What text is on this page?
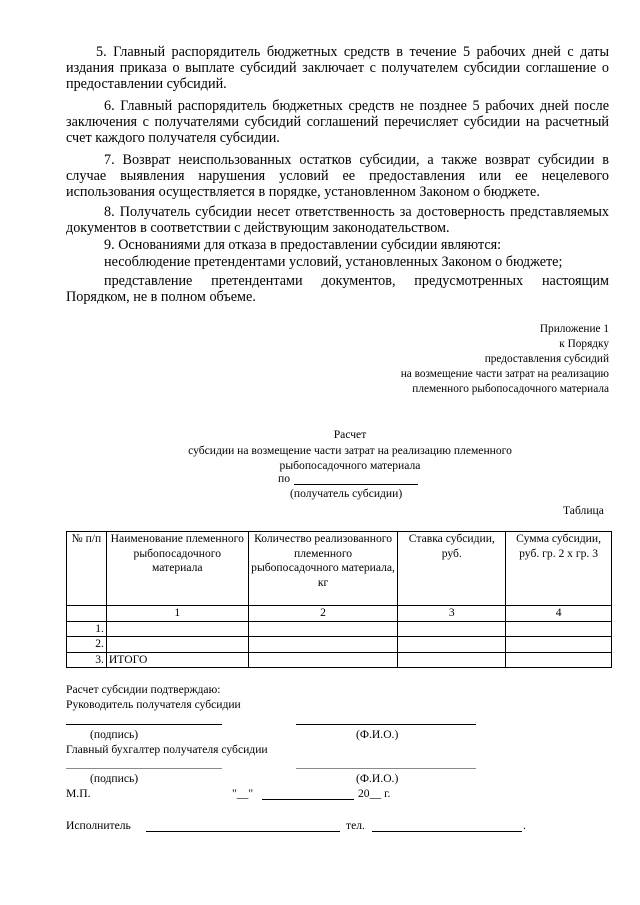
5. Главный распорядитель бюджетных средств в течение 5 рабочих дней с даты издания приказа о выплате субсидий заключает с получателем субсидии соглашение о предоставлении субсидий.
6. Главный распорядитель бюджетных средств не позднее 5 рабочих дней после заключения с получателями субсидий соглашений перечисляет субсидии на расчетный счет каждого получателя субсидии.
7. Возврат неиспользованных остатков субсидии, а также возврат субсидии в случае выявления нарушения условий ее предоставления или ее нецелевого использования осуществляется в порядке, установленном Законом о бюджете.
8. Получатель субсидии несет ответственность за достоверность представляемых документов в соответствии с действующим законодательством.
9. Основаниями для отказа в предоставлении субсидии являются:
несоблюдение претендентами условий, установленных Законом о бюджете;
представление претендентами документов, предусмотренных настоящим Порядком, не в полном объеме.
Приложение 1
к Порядку
предоставления субсидий
на возмещение части затрат на реализацию
племенного рыбопосадочного материала
Расчет
субсидии на возмещение части затрат на реализацию племенного
рыбопосадочного материала
по
(получатель субсидии)
Таблица
№ п/п	Наименование племенного рыбопосадочного материала	Количество реализованного племенного рыбопосадочного материала, кг	Ставка субсидии, руб.	Сумма субсидии, руб. гр. 2 х гр. 3
	1	2	3	4
1.				
2.				
3.	ИТОГО			
Расчет субсидии подтверждаю:
Руководитель получателя субсидии
(подпись)	(Ф.И.О.)
Главный бухгалтер получателя субсидии
(подпись)	(Ф.И.О.)
М.П.	"__"	20__ г.
Исполнитель	тел.	.
